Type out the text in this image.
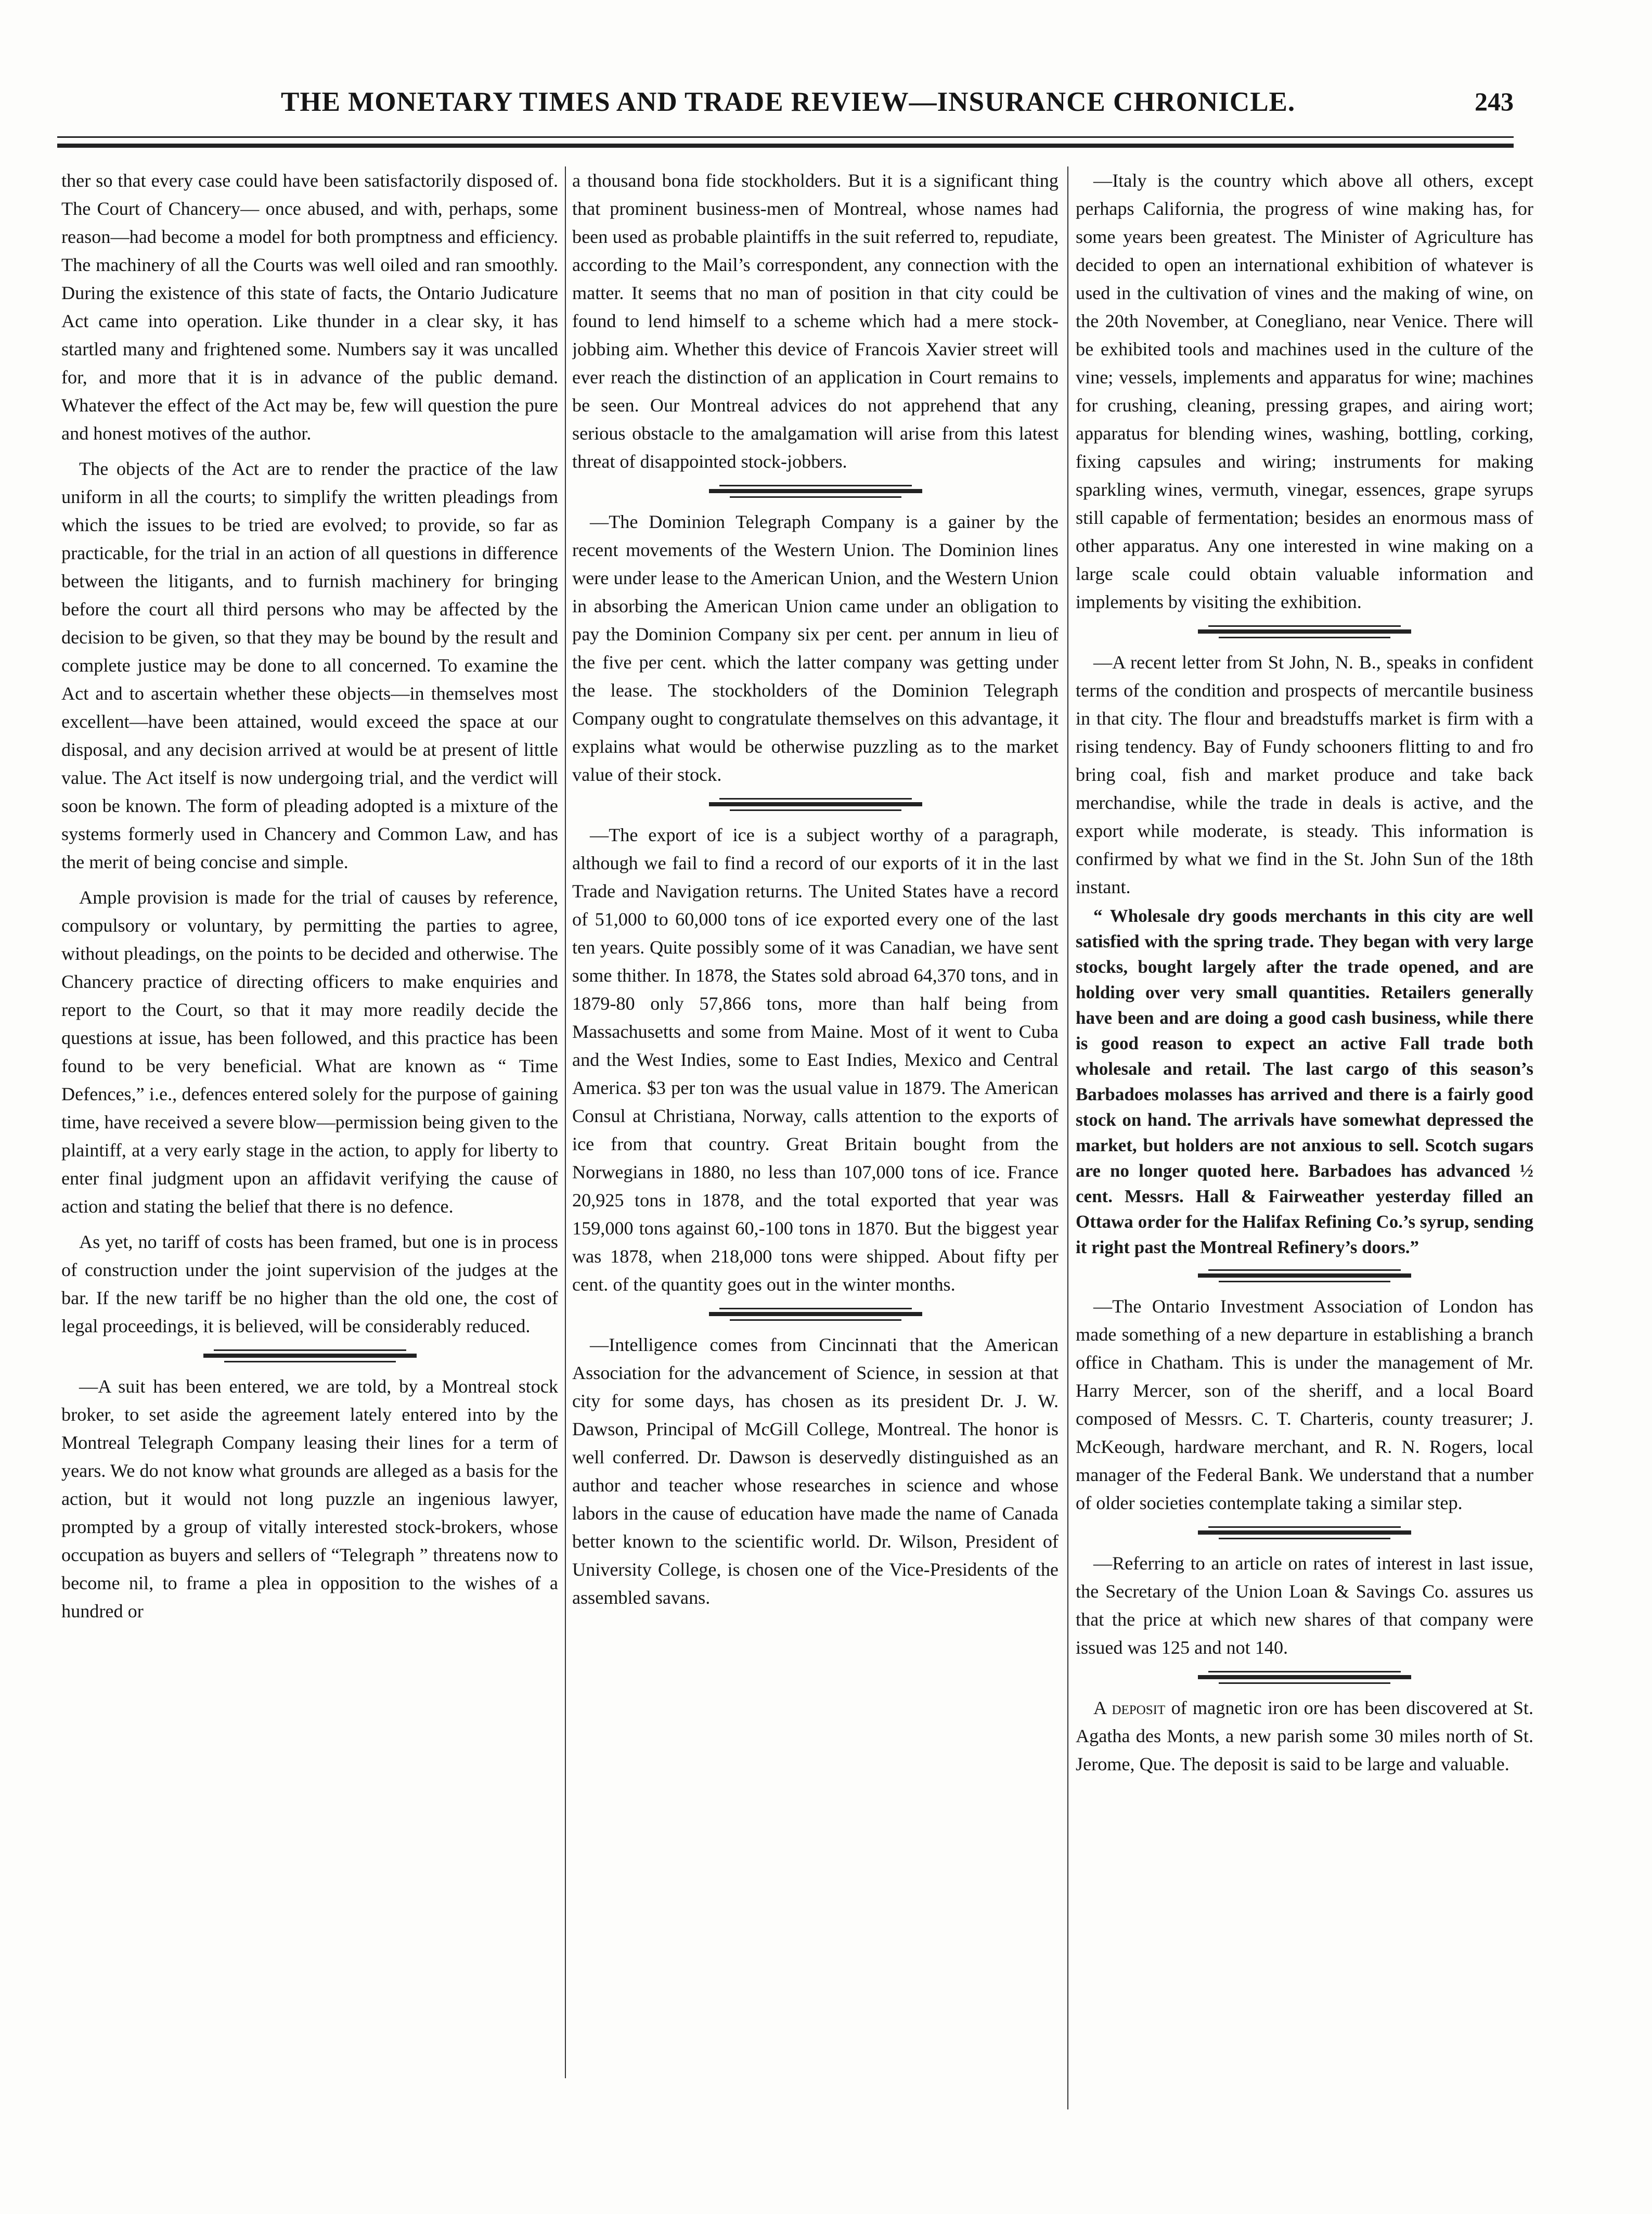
THE MONETARY TIMES AND TRADE REVIEW—INSURANCE CHRONICLE.	243

ther so that every case could have been satisfactorily disposed of. The Court of Chancery— once abused, and with, perhaps, some reason—had become a model for both promptness and efficiency. The machinery of all the Courts was well oiled and ran smoothly. During the existence of this state of facts, the Ontario Judicature Act came into operation. Like thunder in a clear sky, it has startled many and frightened some. Numbers say it was uncalled for, and more that it is in advance of the public demand. Whatever the effect of the Act may be, few will question the pure and honest motives of the author.

The objects of the Act are to render the practice of the law uniform in all the courts; to simplify the written pleadings from which the issues to be tried are evolved; to provide, so far as practicable, for the trial in an action of all questions in difference between the litigants, and to furnish machinery for bringing before the court all third persons who may be affected by the decision to be given, so that they may be bound by the result and complete justice may be done to all concerned. To examine the Act and to ascertain whether these objects—in themselves most excellent—have been attained, would exceed the space at our disposal, and any decision arrived at would be at present of little value. The Act itself is now undergoing trial, and the verdict will soon be known. The form of pleading adopted is a mixture of the systems formerly used in Chancery and Common Law, and has the merit of being concise and simple.

Ample provision is made for the trial of causes by reference, compulsory or voluntary, by permitting the parties to agree, without pleadings, on the points to be decided and otherwise. The Chancery practice of directing officers to make enquiries and report to the Court, so that it may more readily decide the questions at issue, has been followed, and this practice has been found to be very beneficial. What are known as “ Time Defences,” i.e., defences entered solely for the purpose of gaining time, have received a severe blow—permission being given to the plaintiff, at a very early stage in the action, to apply for liberty to enter final judgment upon an affidavit verifying the cause of action and stating the belief that there is no defence.

As yet, no tariff of costs has been framed, but one is in process of construction under the joint supervision of the judges at the bar. If the new tariff be no higher than the old one, the cost of legal proceedings, it is believed, will be considerably reduced.

—A suit has been entered, we are told, by a Montreal stock broker, to set aside the agreement lately entered into by the Montreal Telegraph Company leasing their lines for a term of years. We do not know what grounds are alleged as a basis for the action, but it would not long puzzle an ingenious lawyer, prompted by a group of vitally interested stock-brokers, whose occupation as buyers and sellers of “Telegraph ” threatens now to become nil, to frame a plea in opposition to the wishes of a hundred or

a thousand bona fide stockholders. But it is a significant thing that prominent business-men of Montreal, whose names had been used as probable plaintiffs in the suit referred to, repudiate, according to the Mail’s correspondent, any connection with the matter. It seems that no man of position in that city could be found to lend himself to a scheme which had a mere stock-jobbing aim. Whether this device of Francois Xavier street will ever reach the distinction of an application in Court remains to be seen. Our Montreal advices do not apprehend that any serious obstacle to the amalgamation will arise from this latest threat of disappointed stock-jobbers.

—The Dominion Telegraph Company is a gainer by the recent movements of the Western Union. The Dominion lines were under lease to the American Union, and the Western Union in absorbing the American Union came under an obligation to pay the Dominion Company six per cent. per annum in lieu of the five per cent. which the latter company was getting under the lease. The stockholders of the Dominion Telegraph Company ought to congratulate themselves on this advantage, it explains what would be otherwise puzzling as to the market value of their stock.

—The export of ice is a subject worthy of a paragraph, although we fail to find a record of our exports of it in the last Trade and Navigation returns. The United States have a record of 51,000 to 60,000 tons of ice exported every one of the last ten years. Quite possibly some of it was Canadian, we have sent some thither. In 1878, the States sold abroad 64,370 tons, and in 1879-80 only 57,866 tons, more than half being from Massachusetts and some from Maine. Most of it went to Cuba and the West Indies, some to East Indies, Mexico and Central America. $3 per ton was the usual value in 1879. The American Consul at Christiana, Norway, calls attention to the exports of ice from that country. Great Britain bought from the Norwegians in 1880, no less than 107,000 tons of ice. France 20,925 tons in 1878, and the total exported that year was 159,000 tons against 60,-100 tons in 1870. But the biggest year was 1878, when 218,000 tons were shipped. About fifty per cent. of the quantity goes out in the winter months.

—Intelligence comes from Cincinnati that the American Association for the advancement of Science, in session at that city for some days, has chosen as its president Dr. J. W. Dawson, Principal of McGill College, Montreal. The honor is well conferred. Dr. Dawson is deservedly distinguished as an author and teacher whose researches in science and whose labors in the cause of education have made the name of Canada better known to the scientific world. Dr. Wilson, President of University College, is chosen one of the Vice-Presidents of the assembled savans.

—Italy is the country which above all others, except perhaps California, the progress of wine making has, for some years been greatest. The Minister of Agriculture has decided to open an international exhibition of whatever is used in the cultivation of vines and the making of wine, on the 20th November, at Conegliano, near Venice. There will be exhibited tools and machines used in the culture of the vine; vessels, implements and apparatus for wine; machines for crushing, cleaning, pressing grapes, and airing wort; apparatus for blending wines, washing, bottling, corking, fixing capsules and wiring; instruments for making sparkling wines, vermuth, vinegar, essences, grape syrups still capable of fermentation; besides an enormous mass of other apparatus. Any one interested in wine making on a large scale could obtain valuable information and implements by visiting the exhibition.

—A recent letter from St John, N. B., speaks in confident terms of the condition and prospects of mercantile business in that city. The flour and breadstuffs market is firm with a rising tendency. Bay of Fundy schooners flitting to and fro bring coal, fish and market produce and take back merchandise, while the trade in deals is active, and the export while moderate, is steady. This information is confirmed by what we find in the St. John Sun of the 18th instant.

“ Wholesale dry goods merchants in this city are well satisfied with the spring trade. They began with very large stocks, bought largely after the trade opened, and are holding over very small quantities. Retailers generally have been and are doing a good cash business, while there is good reason to expect an active Fall trade both wholesale and retail. The last cargo of this season’s Barbadoes molasses has arrived and there is a fairly good stock on hand. The arrivals have somewhat depressed the market, but holders are not anxious to sell. Scotch sugars are no longer quoted here. Barbadoes has advanced ½ cent. Messrs. Hall & Fairweather yesterday filled an Ottawa order for the Halifax Refining Co.’s syrup, sending it right past the Montreal Refinery’s doors.”

—The Ontario Investment Association of London has made something of a new departure in establishing a branch office in Chatham. This is under the management of Mr. Harry Mercer, son of the sheriff, and a local Board composed of Messrs. C. T. Charteris, county treasurer; J. McKeough, hardware merchant, and R. N. Rogers, local manager of the Federal Bank. We understand that a number of older societies contemplate taking a similar step.

—Referring to an article on rates of interest in last issue, the Secretary of the Union Loan & Savings Co. assures us that the price at which new shares of that company were issued was 125 and not 140.

A deposit of magnetic iron ore has been discovered at St. Agatha des Monts, a new parish some 30 miles north of St. Jerome, Que. The deposit is said to be large and valuable.
